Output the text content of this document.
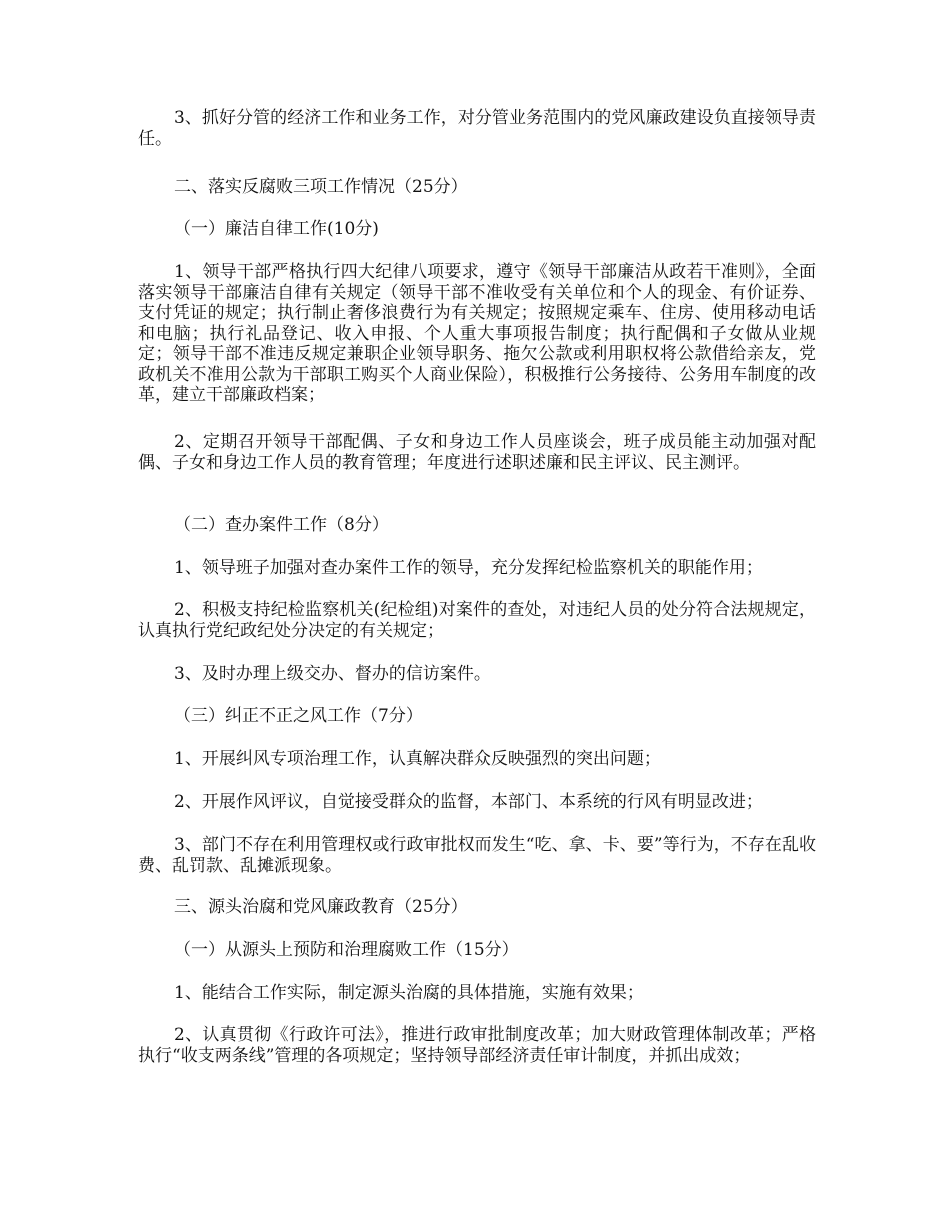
3、抓好分管的经济工作和业务工作，对分管业务范围内的党风廉政建设负直接领导责任。

二、落实反腐败三项工作情况（25分）

（一）廉洁自律工作(10分)

1、领导干部严格执行四大纪律八项要求，遵守《领导干部廉洁从政若干准则》，全面落实领导干部廉洁自律有关规定（领导干部不准收受有关单位和个人的现金、有价证券、支付凭证的规定；执行制止奢侈浪费行为有关规定；按照规定乘车、住房、使用移动电话和电脑；执行礼品登记、收入申报、个人重大事项报告制度；执行配偶和子女做从业规定；领导干部不准违反规定兼职企业领导职务、拖欠公款或利用职权将公款借给亲友，党政机关不准用公款为干部职工购买个人商业保险），积极推行公务接待、公务用车制度的改革，建立干部廉政档案；

2、定期召开领导干部配偶、子女和身边工作人员座谈会，班子成员能主动加强对配偶、子女和身边工作人员的教育管理；年度进行述职述廉和民主评议、民主测评。

（二）查办案件工作（8分）

1、领导班子加强对查办案件工作的领导，充分发挥纪检监察机关的职能作用；

2、积极支持纪检监察机关(纪检组)对案件的查处，对违纪人员的处分符合法规规定，认真执行党纪政纪处分决定的有关规定；

3、及时办理上级交办、督办的信访案件。

（三）纠正不正之风工作（7分）

1、开展纠风专项治理工作，认真解决群众反映强烈的突出问题；

2、开展作风评议，自觉接受群众的监督，本部门、本系统的行风有明显改进；

3、部门不存在利用管理权或行政审批权而发生“吃、拿、卡、要”等行为，不存在乱收费、乱罚款、乱摊派现象。

三、源头治腐和党风廉政教育（25分）

（一）从源头上预防和治理腐败工作（15分）

1、能结合工作实际，制定源头治腐的具体措施，实施有效果；

2、认真贯彻《行政许可法》，推进行政审批制度改革；加大财政管理体制改革；严格执行“收支两条线”管理的各项规定；坚持领导部经济责任审计制度，并抓出成效；
